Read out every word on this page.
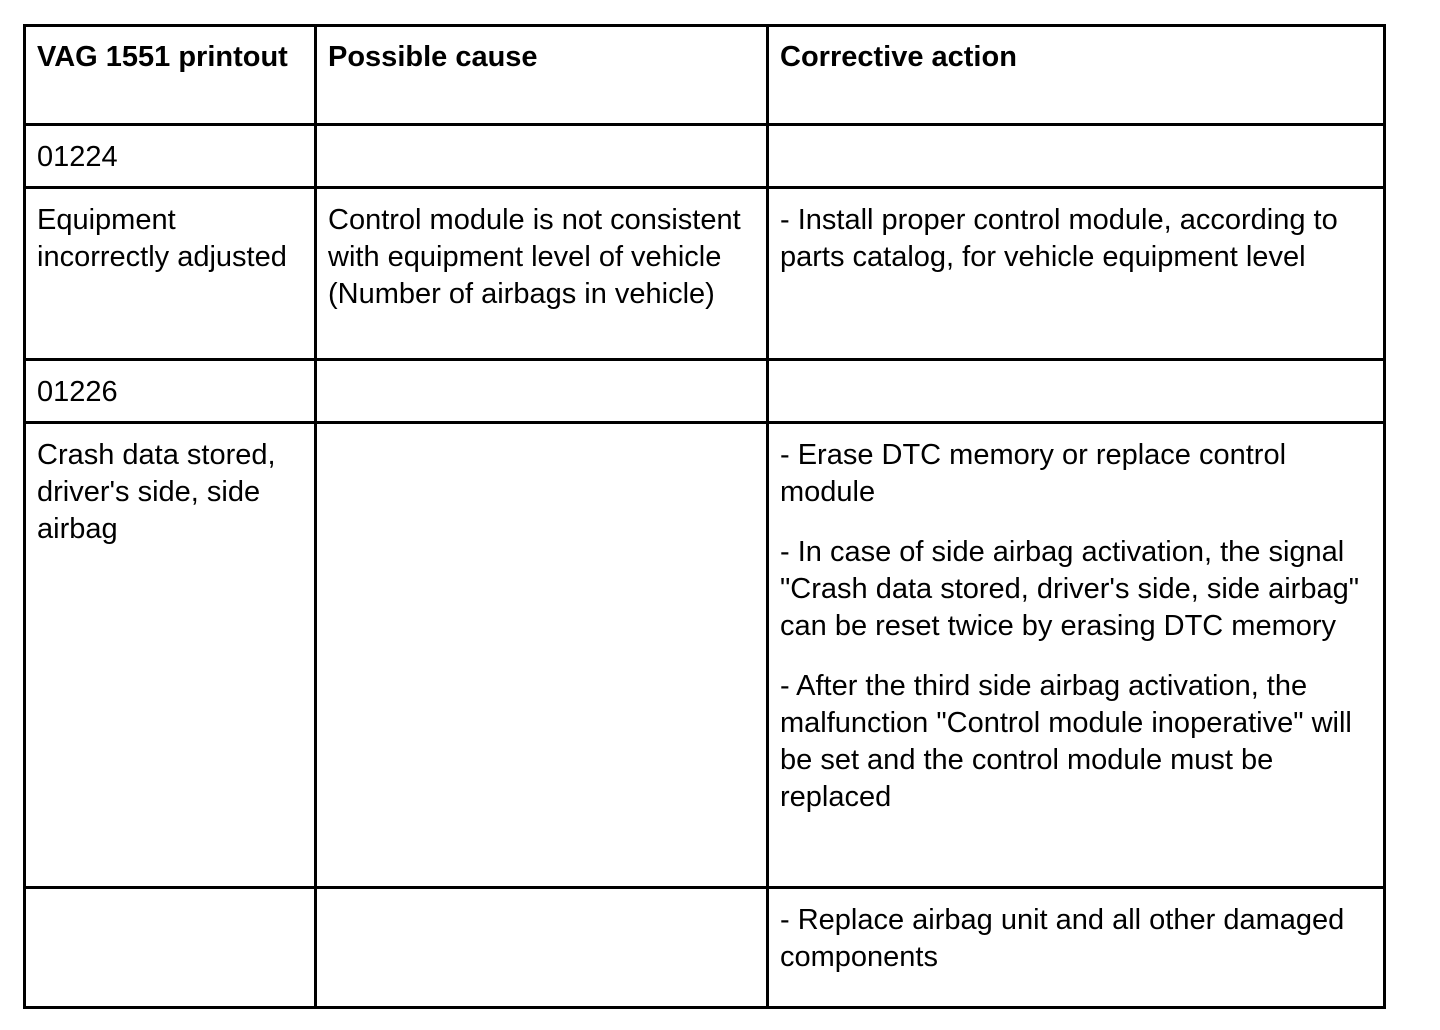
VAG 1551 printout	Possible cause	Corrective action
01224		
Equipment incorrectly adjusted	Control module is not consistent with equipment level of vehicle (Number of airbags in vehicle)	- Install proper control module, according to parts catalog, for vehicle equipment level

01226		
Crash data stored, driver's side, side airbag		- Erase DTC memory or replace control module
- In case of side airbag activation, the signal "Crash data stored, driver's side, side airbag" can be reset twice by erasing DTC memory
- After the third side airbag activation, the malfunction "Control module inoperative" will be set and the control module must be replaced

		- Replace airbag unit and all other damaged components
